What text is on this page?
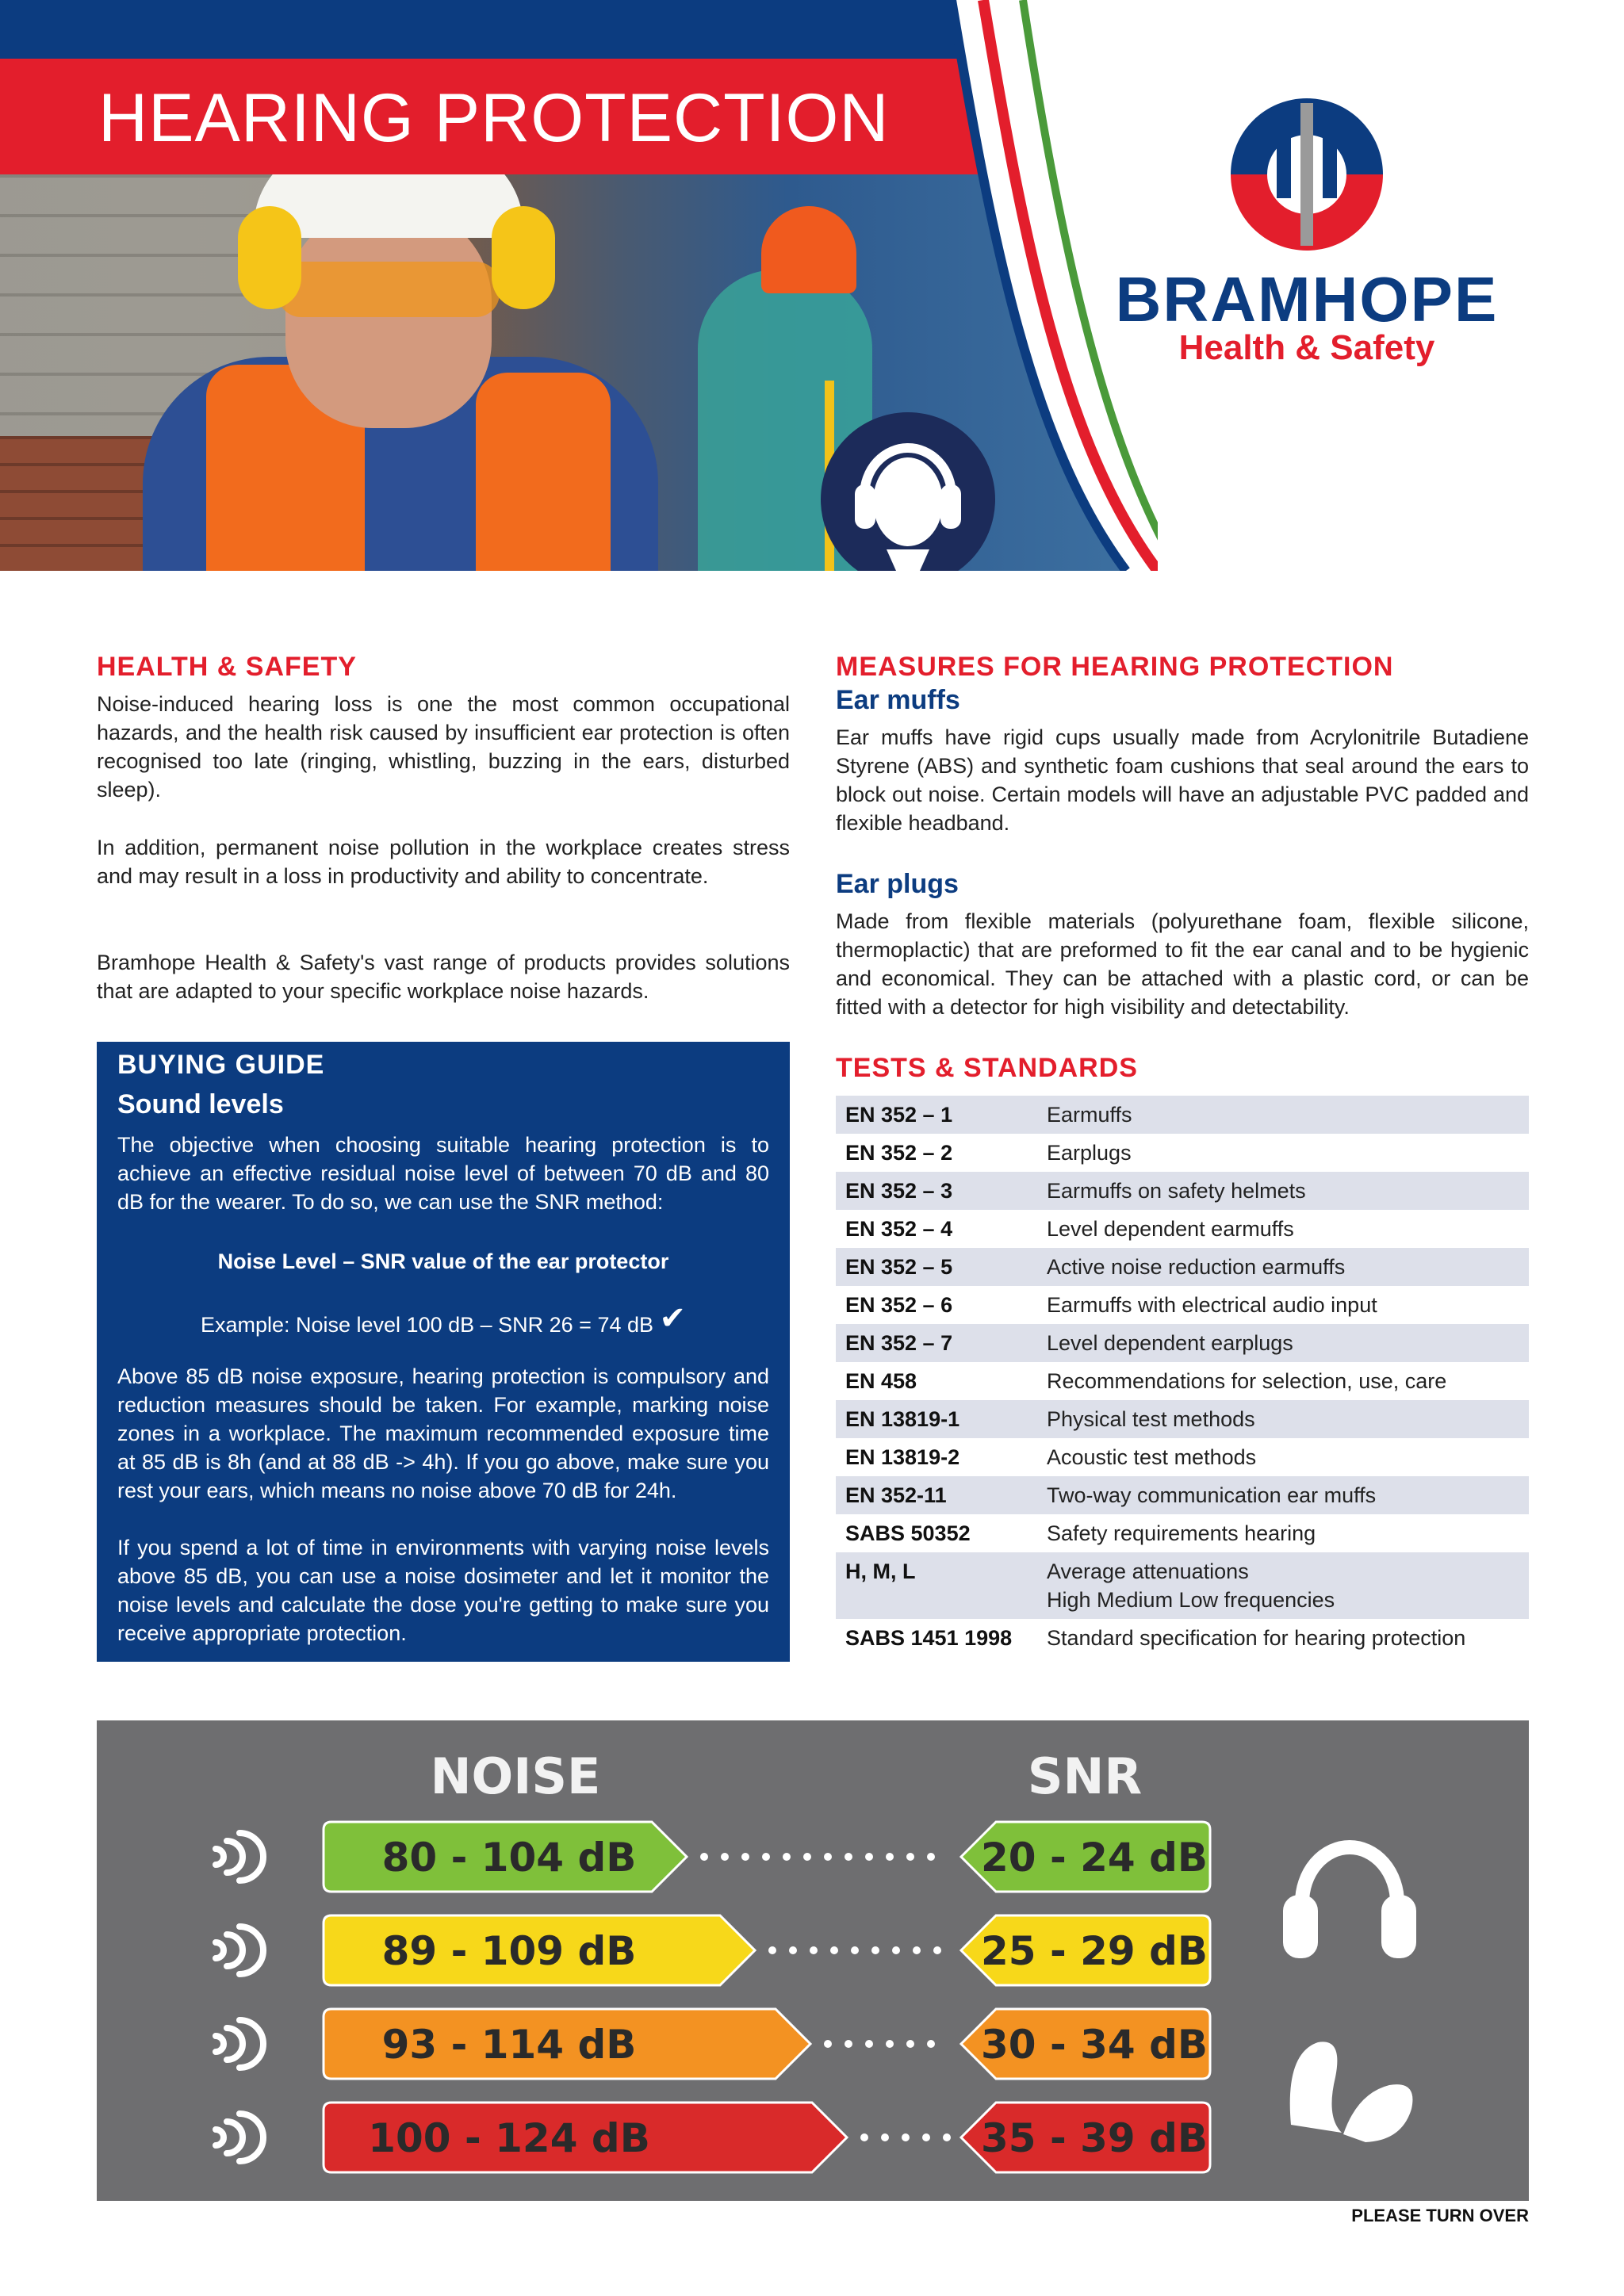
HEARING PROTECTION
BRAMHOPE
Health & Safety
HEALTH & SAFETY

Noise-induced hearing loss is one the most common occupational hazards, and the health risk caused by insufficient ear protection is often recognised too late (ringing, whistling, buzzing in the ears, disturbed sleep).

In addition, permanent noise pollution in the workplace creates stress and may result in a loss in productivity and ability to concentrate.

Bramhope Health & Safety's vast range of products provides solutions that are adapted to your specific workplace noise hazards.

BUYING GUIDE
Sound levels

The objective when choosing suitable hearing protection is to achieve an effective residual noise level of between 70 dB and 80 dB for the wearer. To do so, we can use the SNR method:

Noise Level – SNR value of the ear protector
Example: Noise level 100 dB – SNR 26 = 74 dB ✔

Above 85 dB noise exposure, hearing protection is compulsory and reduction measures should be taken. For example, marking noise zones in a workplace. The maximum recommended exposure time at 85 dB is 8h (and at 88 dB -> 4h). If you go above, make sure you rest your ears, which means no noise above 70 dB for 24h.

If you spend a lot of time in environments with varying noise levels above 85 dB, you can use a noise dosimeter and let it monitor the noise levels and calculate the dose you're getting to make sure you receive appropriate protection.

MEASURES FOR HEARING PROTECTION
Ear muffs

Ear muffs have rigid cups usually made from Acrylonitrile Butadiene Styrene (ABS) and synthetic foam cushions that seal around the ears to block out noise. Certain models will have an adjustable PVC padded and flexible headband.

Ear plugs

Made from flexible materials (polyurethane foam, flexible silicone, thermoplactic) that are preformed to fit the ear canal and to be hygienic and economical. They can be attached with a plastic cord, or can be fitted with a detector for high visibility and detectability.

TESTS & STANDARDS
EN 352 – 1	Earmuffs

EN 352 – 2	Earplugs

EN 352 – 3	Earmuffs on safety helmets

EN 352 – 4	Level dependent earmuffs

EN 352 – 5	Active noise reduction earmuffs

EN 352 – 6	Earmuffs with electrical audio input

EN 352 – 7	Level dependent earplugs

EN 458	Recommendations for selection, use, care

EN 13819-1	Physical test methods

EN 13819-2	Acoustic test methods

EN 352-11	Two-way communication ear muffs

SABS 50352	Safety requirements hearing

H, M, L	Average attenuations
High Medium Low frequencies

SABS 1451 1998	Standard specification for hearing protection
NOISE	SNR
80 - 104 dB	20 - 24 dB
89 - 109 dB	25 - 29 dB
93 - 114 dB	30 - 34 dB
100 - 124 dB	35 - 39 dB
PLEASE TURN OVER
